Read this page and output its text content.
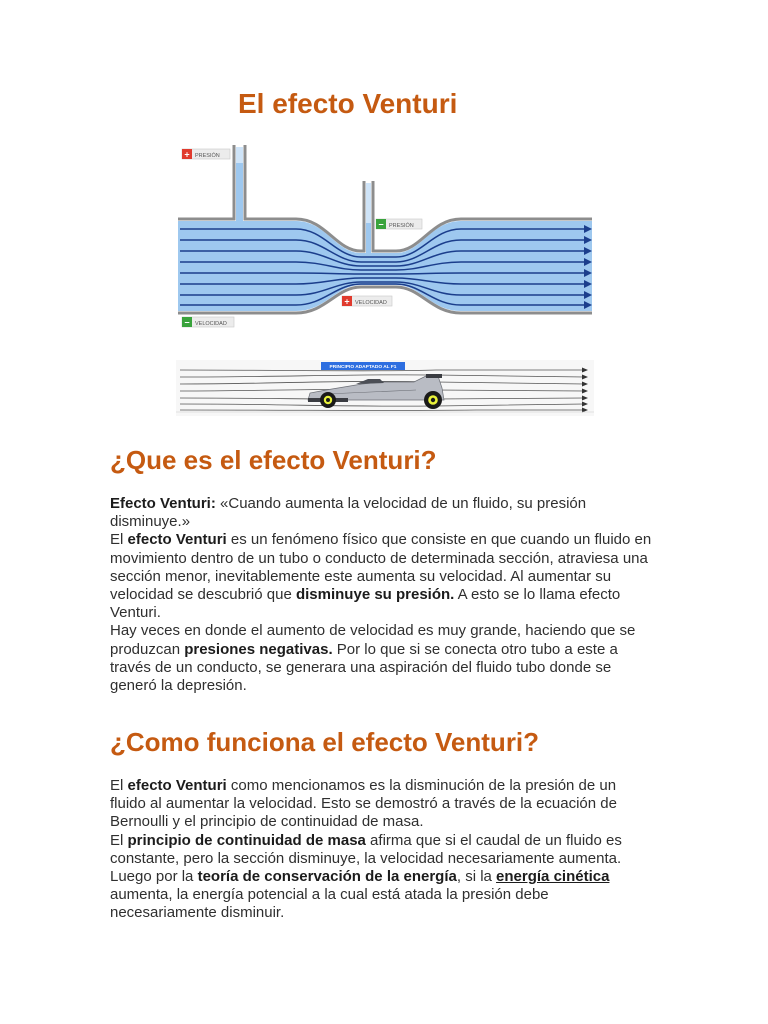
El efecto Venturi
+ PRESIÓN
− PRESIÓN
+ VELOCIDAD
− VELOCIDAD
PRINCIPIO ADAPTADO AL F1
¿Que es el efecto Venturi?
Efecto Venturi: «Cuando aumenta la velocidad de un fluido, su presión disminuye.»
El efecto Venturi es un fenómeno físico que consiste en que cuando un fluido en movimiento dentro de un tubo o conducto de determinada sección, atraviesa una sección menor, inevitablemente este aumenta su velocidad. Al aumentar su velocidad se descubrió que disminuye su presión. A esto se lo llama efecto Venturi.
Hay veces en donde el aumento de velocidad es muy grande, haciendo que se produzcan presiones negativas. Por lo que si se conecta otro tubo a este a través de un conducto, se generara una aspiración del fluido tubo donde se generó la depresión.
¿Como funciona el efecto Venturi?
El efecto Venturi como mencionamos es la disminución de la presión de un fluido al aumentar la velocidad. Esto se demostró a través de la ecuación de Bernoulli y el principio de continuidad de masa.
El principio de continuidad de masa afirma que si el caudal de un fluido es constante, pero la sección disminuye, la velocidad necesariamente aumenta. Luego por la teoría de conservación de la energía, si la energía cinética aumenta, la energía potencial a la cual está atada la presión debe necesariamente disminuir.
